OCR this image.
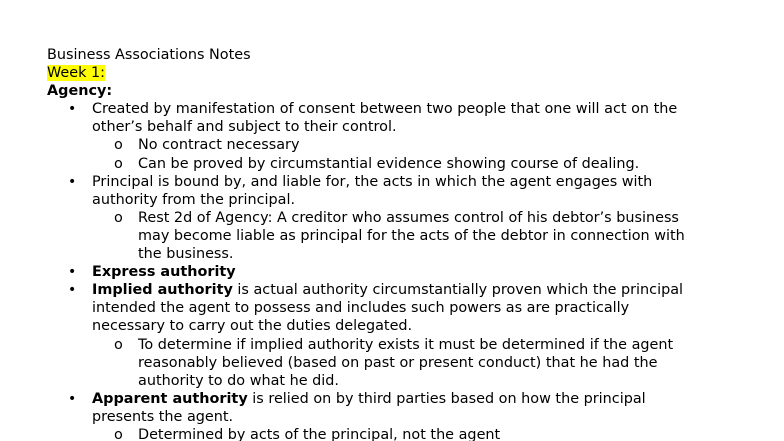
Business Associations Notes
Week 1:
Agency:
• Created by manifestation of consent between two people that one will act on the
other’s behalf and subject to their control.
o No contract necessary
o Can be proved by circumstantial evidence showing course of dealing.
• Principal is bound by, and liable for, the acts in which the agent engages with
authority from the principal.
o Rest 2d of Agency: A creditor who assumes control of his debtor’s business
may become liable as principal for the acts of the debtor in connection with
the business.
• Express authority
• Implied authority is actual authority circumstantially proven which the principal
intended the agent to possess and includes such powers as are practically
necessary to carry out the duties delegated.
o To determine if implied authority exists it must be determined if the agent
reasonably believed (based on past or present conduct) that he had the
authority to do what he did.
• Apparent authority is relied on by third parties based on how the principal
presents the agent.
o Determined by acts of the principal, not the agent
